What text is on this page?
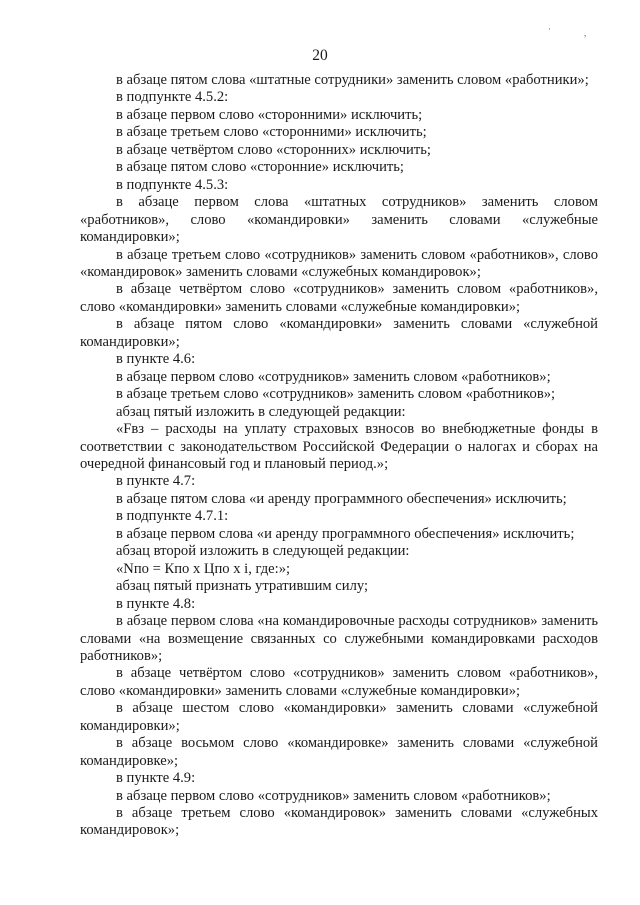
20
·	,

в абзаце пятом слова «штатные сотрудники» заменить словом «работники»;

в подпункте 4.5.2:

в абзаце первом слово «сторонними» исключить;

в абзаце третьем слово «сторонними» исключить;

в абзаце четвёртом слово «сторонних» исключить;

в абзаце пятом слово «сторонние» исключить;

в подпункте 4.5.3:

в абзаце первом слова «штатных сотрудников» заменить словом «работников», слово «командировки» заменить словами «служебные командировки»;

в абзаце третьем слово «сотрудников» заменить словом «работников», слово «командировок» заменить словами «служебных командировок»;

в абзаце четвёртом слово «сотрудников» заменить словом «работников», слово «командировки» заменить словами «служебные командировки»;

в абзаце пятом слово «командировки» заменить словами «служебной командировки»;

в пункте 4.6:

в абзаце первом слово «сотрудников» заменить словом «работников»;

в абзаце третьем слово «сотрудников» заменить словом «работников»;

абзац пятый изложить в следующей редакции:

«Fвз – расходы на уплату страховых взносов во внебюджетные фонды в соответствии с законодательством Российской Федерации о налогах и сборах на очередной финансовый год и плановый период.»;

в пункте 4.7:

в абзаце пятом слова «и аренду программного обеспечения» исключить;

в подпункте 4.7.1:

в абзаце первом слова «и аренду программного обеспечения» исключить;

абзац второй изложить в следующей редакции:

«Nпо = Кпо x Цпо x i, где:»;

абзац пятый признать утратившим силу;

в пункте 4.8:

в абзаце первом слова «на командировочные расходы сотрудников» заменить словами «на возмещение связанных со служебными командировками расходов работников»;

в абзаце четвёртом слово «сотрудников» заменить словом «работников», слово «командировки» заменить словами «служебные командировки»;

в абзаце шестом слово «командировки» заменить словами «служебной командировки»;

в абзаце восьмом слово «командировке» заменить словами «служебной командировке»;

в пункте 4.9:

в абзаце первом слово «сотрудников» заменить словом «работников»;

в абзаце третьем слово «командировок» заменить словами «служебных командировок»;
